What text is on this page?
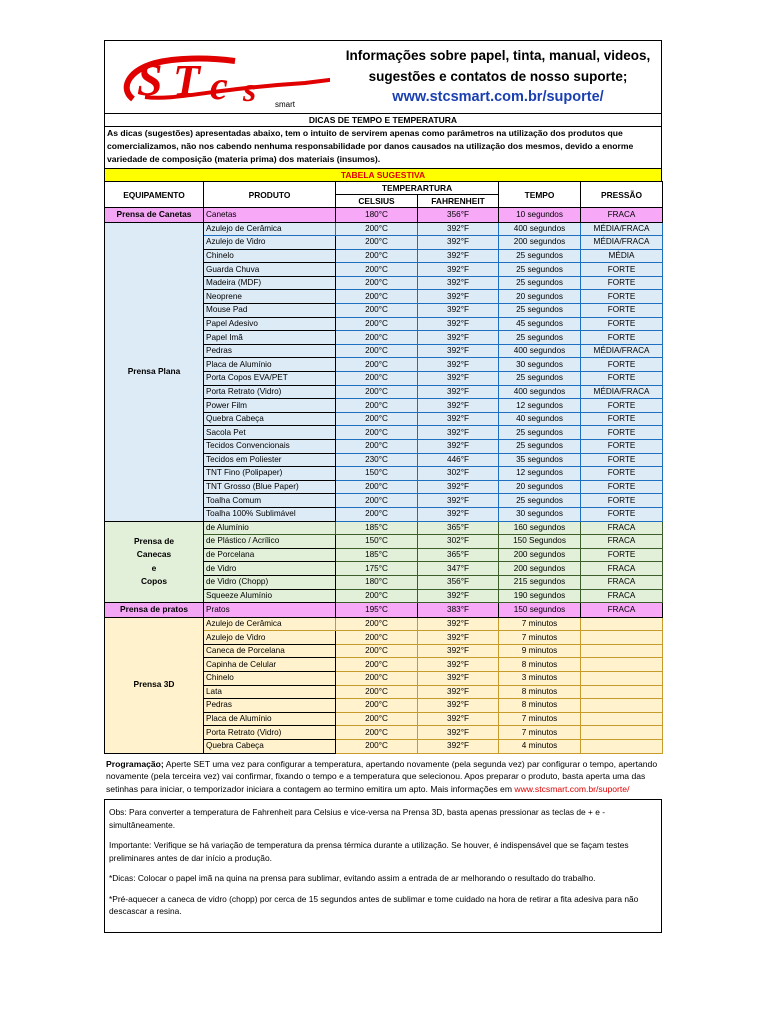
S T c s smart
Informações sobre papel, tinta, manual, videos,
sugestões e contatos de nosso suporte;
www.stcsmart.com.br/suporte/
DICAS DE TEMPO E TEMPERATURA
As dicas (sugestões) apresentadas abaixo, tem o intuito de servirem apenas como parâmetros na utilização dos produtos que comercializamos, não nos cabendo nenhuma responsabilidade por danos causados na utilização dos mesmos, devido a enorme variedade de composição (materia prima) dos materiais (insumos).
TABELA SUGESTIVA
EQUIPAMENTO	PRODUTO	TEMPERARTURA		TEMPO	PRESSÃO
		CELSIUS	FAHRENHEIT		
Prensa de Canetas	Canetas	180°C	356°F	10 segundos	FRACA
Prensa Plana	Azulejo de Cerâmica	200°C	392°F	400 segundos	MÉDIA/FRACA
	Azulejo de Vidro	200°C	392°F	200 segundos	MÉDIA/FRACA
	Chinelo	200°C	392°F	25 segundos	MÉDIA
	Guarda Chuva	200°C	392°F	25 segundos	FORTE
	Madeira (MDF)	200°C	392°F	25 segundos	FORTE
	Neoprene	200°C	392°F	20 segundos	FORTE
	Mouse Pad	200°C	392°F	25 segundos	FORTE
	Papel Adesivo	200°C	392°F	45 segundos	FORTE
	Papel Imã	200°C	392°F	25 segundos	FORTE
	Pedras	200°C	392°F	400 segundos	MÉDIA/FRACA
	Placa de Alumínio	200°C	392°F	30 segundos	FORTE
	Porta Copos EVA/PET	200°C	392°F	25 segundos	FORTE
	Porta Retrato (Vidro)	200°C	392°F	400 segundos	MÉDIA/FRACA
	Power Film	200°C	392°F	12 segundos	FORTE
	Quebra Cabeça	200°C	392°F	40 segundos	FORTE
	Sacola Pet	200°C	392°F	25 segundos	FORTE
	Tecidos Convencionais	200°C	392°F	25 segundos	FORTE
	Tecidos em Poliester	230°C	446°F	35 segundos	FORTE
	TNT Fino (Polipaper)	150°C	302°F	12 segundos	FORTE
	TNT Grosso (Blue Paper)	200°C	392°F	20 segundos	FORTE
	Toalha Comum	200°C	392°F	25 segundos	FORTE
	Toalha 100% Sublimável	200°C	392°F	30 segundos	FORTE

Prensa de
Canecas
e
Copos	de Alumínio	185°C	365°F	160 segundos	FRACA
	de Plástico / Acrílico	150°C	302°F	150 Segundos	FRACA
	de Porcelana	185°C	365°F	200 segundos	FORTE
	de Vidro	175°C	347°F	200 segundos	FRACA
	de Vidro (Chopp)	180°C	356°F	215 segundos	FRACA
	Squeeze Alumínio	200°C	392°F	190 segundos	FRACA
Prensa de pratos	Pratos	195°C	383°F	150 segundos	FRACA
Prensa 3D	Azulejo de Cerâmica	200°C	392°F	7 minutos	
	Azulejo de Vidro	200°C	392°F	7 minutos	
	Caneca de Porcelana	200°C	392°F	9 minutos	
	Capinha de Celular	200°C	392°F	8 minutos	
	Chinelo	200°C	392°F	3 minutos	
	Lata	200°C	392°F	8 minutos	
	Pedras	200°C	392°F	8 minutos	
	Placa de Alumínio	200°C	392°F	7 minutos	
	Porta Retrato (Vidro)	200°C	392°F	7 minutos	
	Quebra Cabeça	200°C	392°F	4 minutos	
Programação; Aperte SET uma vez para configurar a temperatura, apertando novamente (pela segunda vez) par configurar o tempo, apertando novamente (pela terceira vez) vai confirmar, fixando o tempo e a temperatura que selecionou. Apos preparar o produto, basta aperta uma das setinhas para iniciar, o temporizador iniciara a contagem ao termino emitira um apto. Mais informações em www.stcsmart.com.br/suporte/

Obs: Para converter a temperatura de Fahrenheit para Celsius e vice-versa na Prensa 3D, basta apenas pressionar as teclas de + e - simultâneamente.

Importante: Verifique se há variação de temperatura da prensa térmica durante a utilização. Se houver, é indispensável que se façam testes preliminares antes de dar início a produção.

*Dicas: Colocar o papel imã na quina na prensa para sublimar, evitando assim a entrada de ar melhorando o resultado do trabalho.

*Pré-aquecer a caneca de vidro (chopp) por cerca de 15 segundos antes de sublimar e tome cuidado na hora de retirar a fita adesiva para não descascar a resina.
